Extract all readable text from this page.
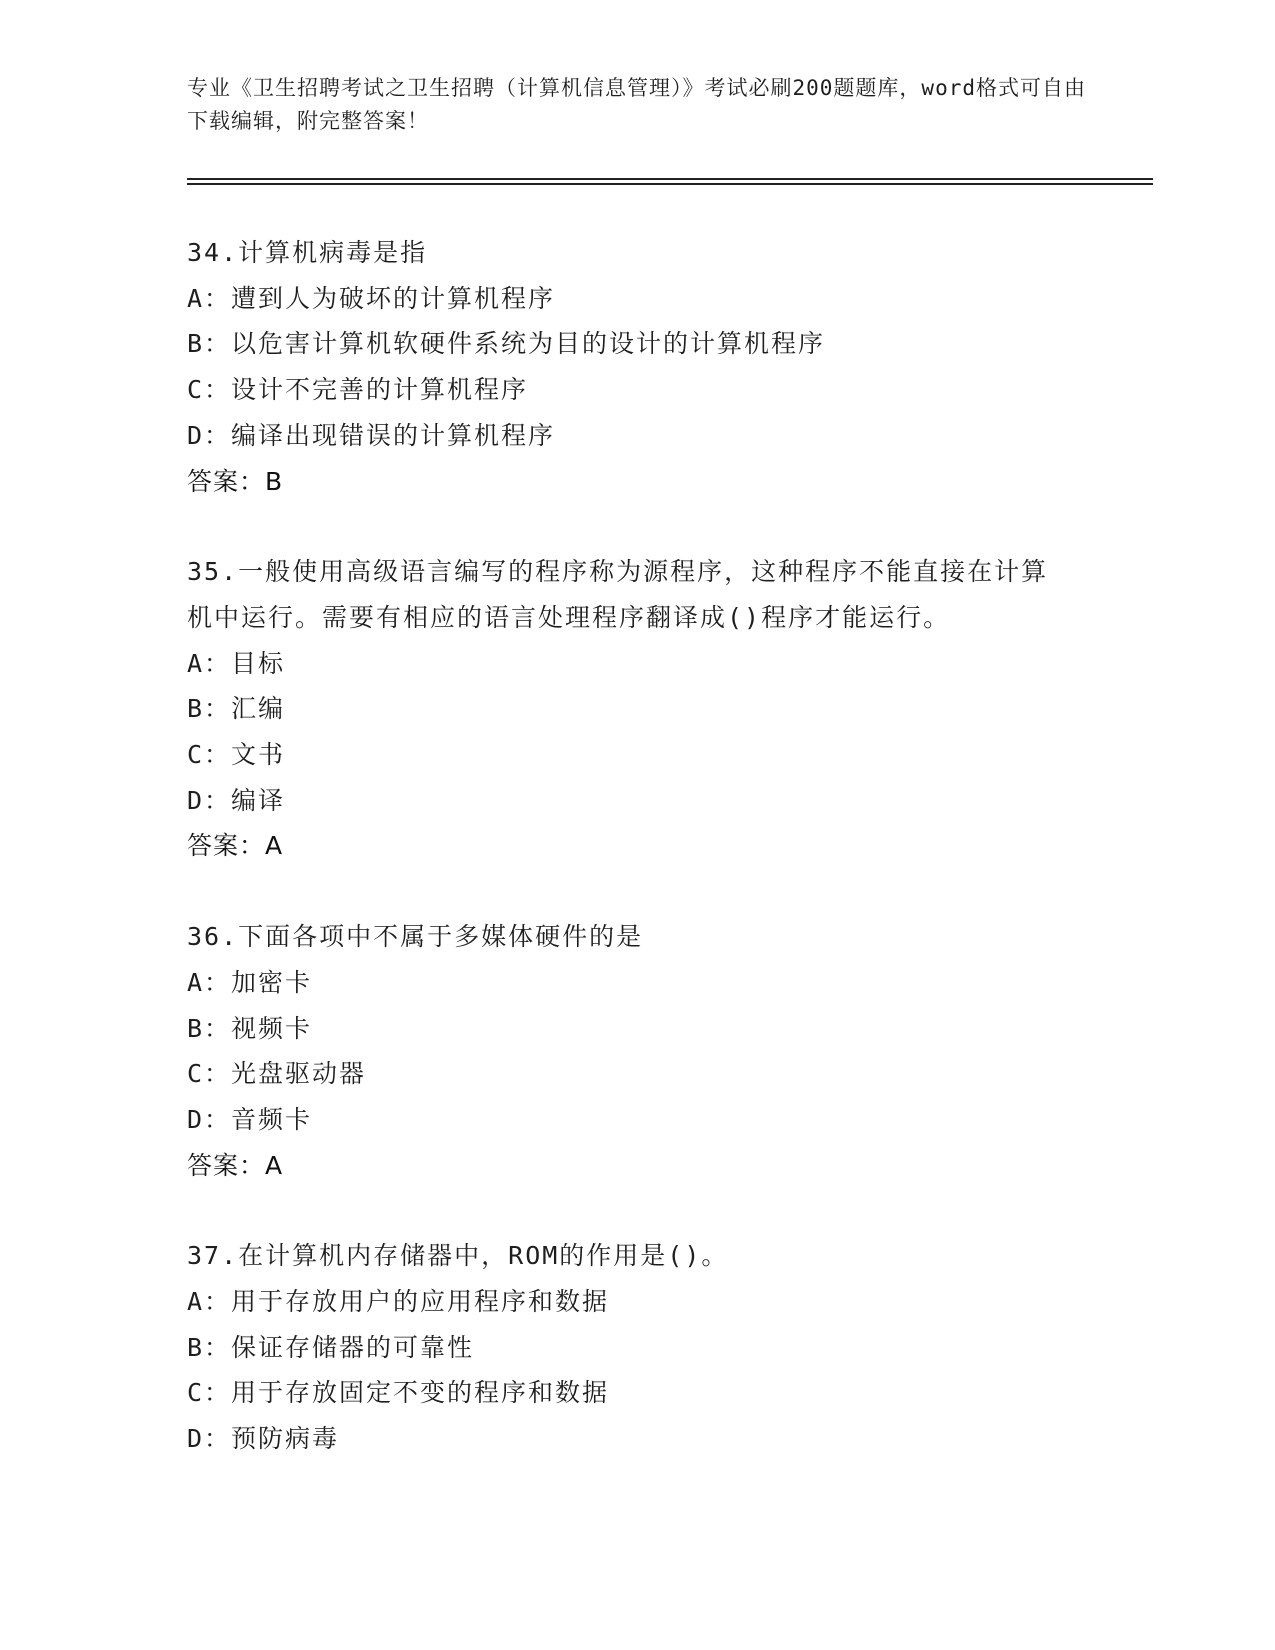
专业《卫生招聘考试之卫生招聘（计算机信息管理）》考试必刷200题题库，word格式可自由下载编辑，附完整答案！
34.计算机病毒是指
A：遭到人为破坏的计算机程序
B：以危害计算机软硬件系统为目的设计的计算机程序
C：设计不完善的计算机程序
D：编译出现错误的计算机程序
答案：B
35.一般使用高级语言编写的程序称为源程序，这种程序不能直接在计算机中运行。需要有相应的语言处理程序翻译成()程序才能运行。
A：目标
B：汇编
C：文书
D：编译
答案：A
36.下面各项中不属于多媒体硬件的是
A：加密卡
B：视频卡
C：光盘驱动器
D：音频卡
答案：A
37.在计算机内存储器中，ROM的作用是()。
A：用于存放用户的应用程序和数据
B：保证存储器的可靠性
C：用于存放固定不变的程序和数据
D：预防病毒
